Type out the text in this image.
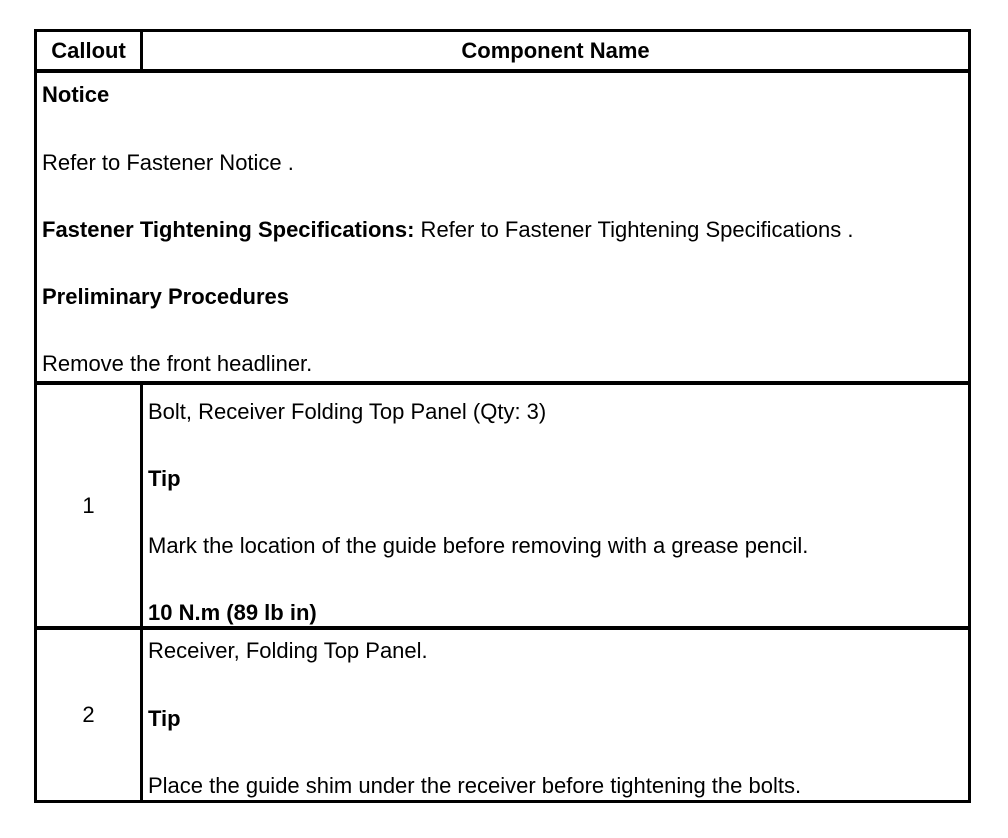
Callout	Component Name
Notice
Refer to Fastener Notice .
Fastener Tightening Specifications: Refer to Fastener Tightening Specifications .
Preliminary Procedures
Remove the front headliner.
1
Bolt, Receiver Folding Top Panel (Qty: 3)
Tip
Mark the location of the guide before removing with a grease pencil.
10 N.m (89 lb in)
2
Receiver, Folding Top Panel.
Tip
Place the guide shim under the receiver before tightening the bolts.
